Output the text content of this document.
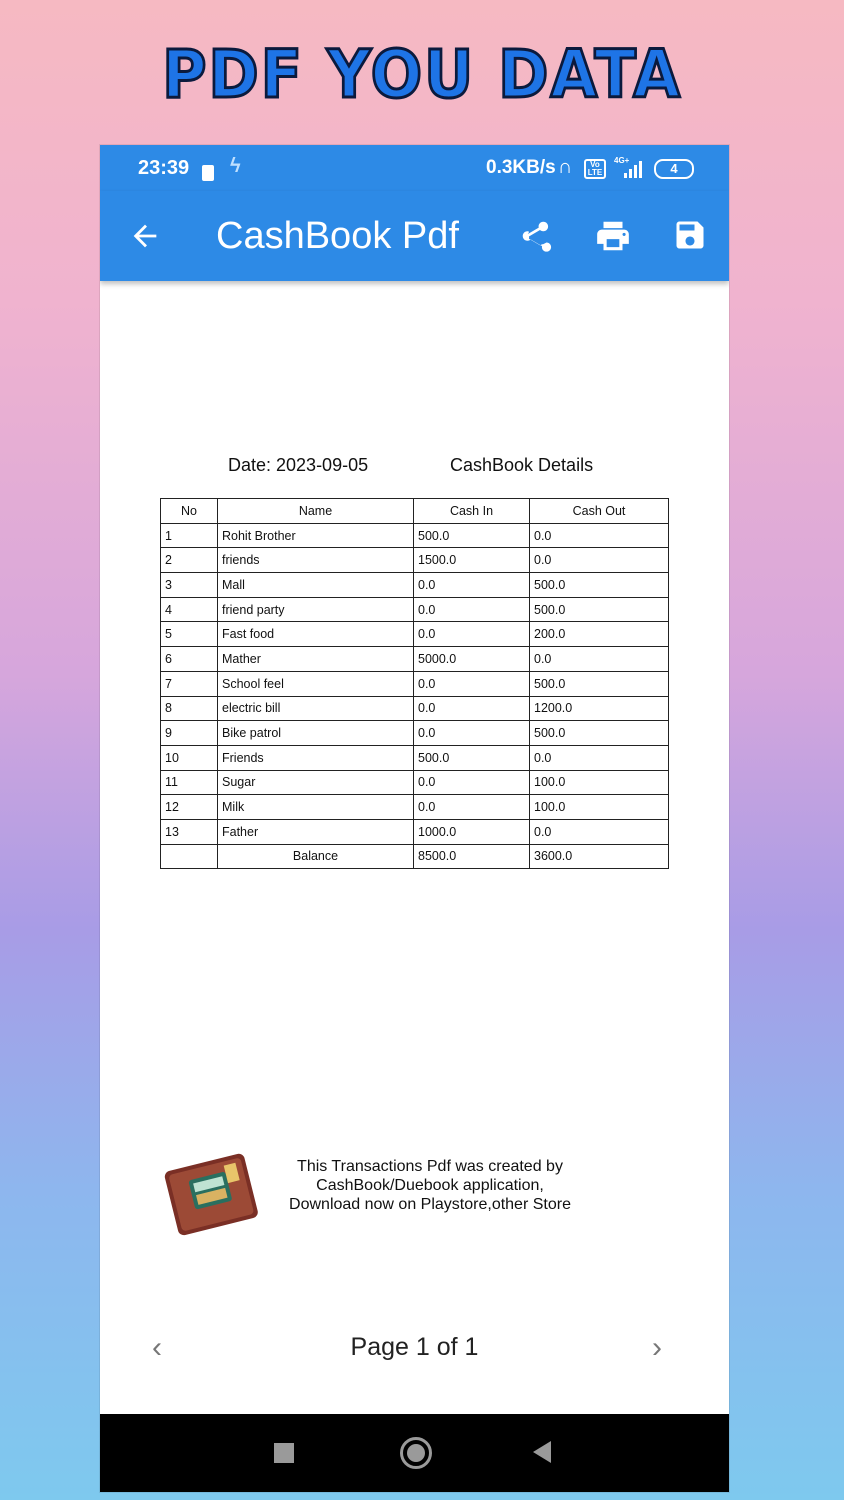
PDF YOU DATA
23:39 ϟ	0.3KB/s ∩	Vo LTE
4G+
4
CashBook Pdf
Date: 2023-09-05	CashBook Details
No	Name	Cash In	Cash Out
1	Rohit Brother	500.0	0.0
2	friends	1500.0	0.0
3	Mall	0.0	500.0
4	friend party	0.0	500.0
5	Fast food	0.0	200.0
6	Mather	5000.0	0.0
7	School feel	0.0	500.0
8	electric bill	0.0	1200.0
9	Bike patrol	0.0	500.0
10	Friends	500.0	0.0
11	Sugar	0.0	100.0
12	Milk	0.0	100.0
13	Father	1000.0	0.0
	Balance	8500.0	3600.0
This Transactions Pdf was created by
CashBook/Duebook application,
Download now on Playstore,other Store
‹	Page 1 of 1	›
